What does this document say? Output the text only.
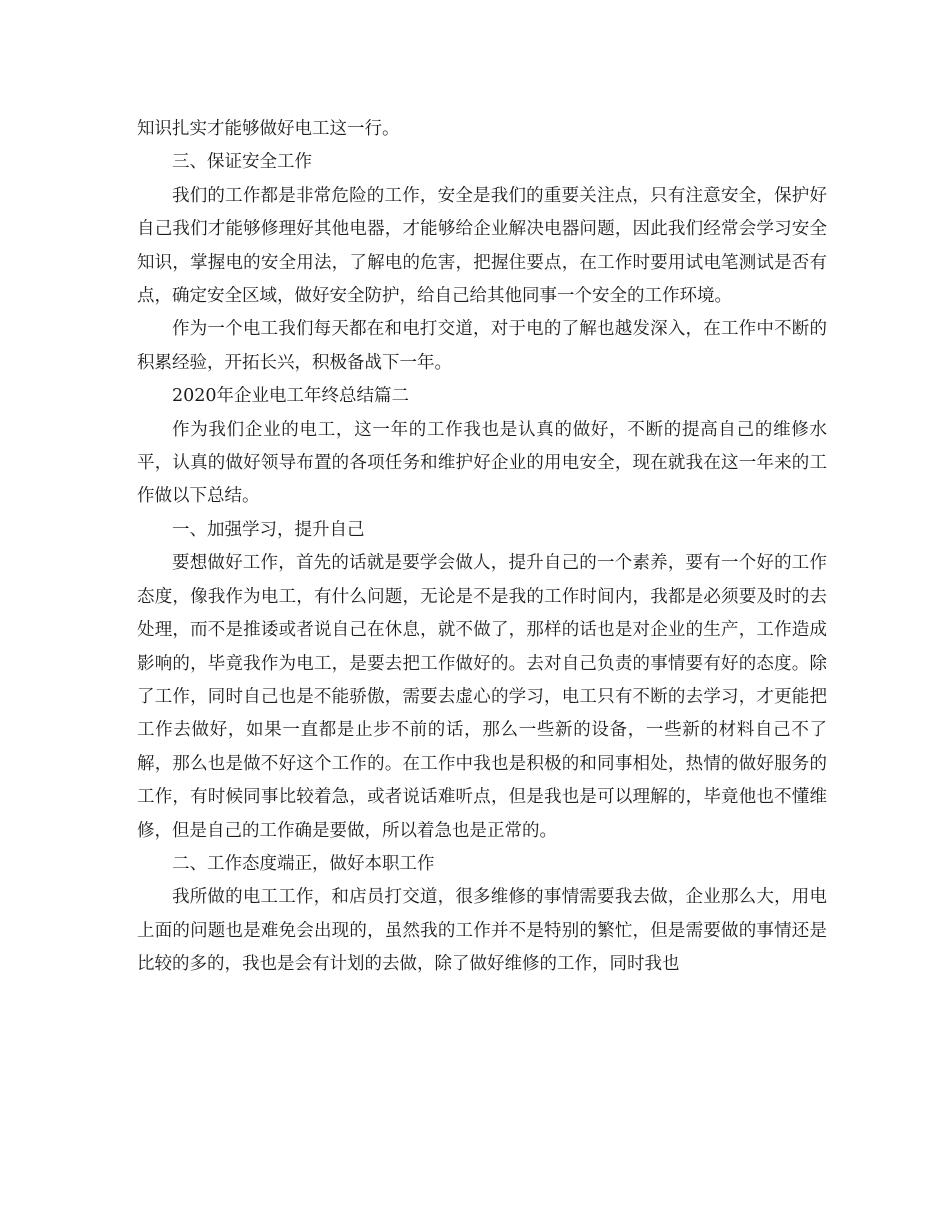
知识扎实才能够做好电工这一行。

三、保证安全工作

我们的工作都是非常危险的工作，安全是我们的重要关注点，只有注意安全，保护好自己我们才能够修理好其他电器，才能够给企业解决电器问题，因此我们经常会学习安全知识，掌握电的安全用法，了解电的危害，把握住要点，在工作时要用试电笔测试是否有点，确定安全区域，做好安全防护，给自己给其他同事一个安全的工作环境。

作为一个电工我们每天都在和电打交道，对于电的了解也越发深入，在工作中不断的积累经验，开拓长兴，积极备战下一年。

2020年企业电工年终总结篇二

作为我们企业的电工，这一年的工作我也是认真的做好，不断的提高自己的维修水平，认真的做好领导布置的各项任务和维护好企业的用电安全，现在就我在这一年来的工作做以下总结。

一、加强学习，提升自己

要想做好工作，首先的话就是要学会做人，提升自己的一个素养，要有一个好的工作态度，像我作为电工，有什么问题，无论是不是我的工作时间内，我都是必须要及时的去处理，而不是推诿或者说自己在休息，就不做了，那样的话也是对企业的生产，工作造成影响的，毕竟我作为电工，是要去把工作做好的。去对自己负责的事情要有好的态度。除了工作，同时自己也是不能骄傲，需要去虚心的学习，电工只有不断的去学习，才更能把工作去做好，如果一直都是止步不前的话，那么一些新的设备，一些新的材料自己不了解，那么也是做不好这个工作的。在工作中我也是积极的和同事相处，热情的做好服务的工作，有时候同事比较着急，或者说话难听点，但是我也是可以理解的，毕竟他也不懂维修，但是自己的工作确是要做，所以着急也是正常的。

二、工作态度端正，做好本职工作

我所做的电工工作，和店员打交道，很多维修的事情需要我去做，企业那么大，用电上面的问题也是难免会出现的，虽然我的工作并不是特别的繁忙，但是需要做的事情还是比较的多的，我也是会有计划的去做，除了做好维修的工作，同时我也
